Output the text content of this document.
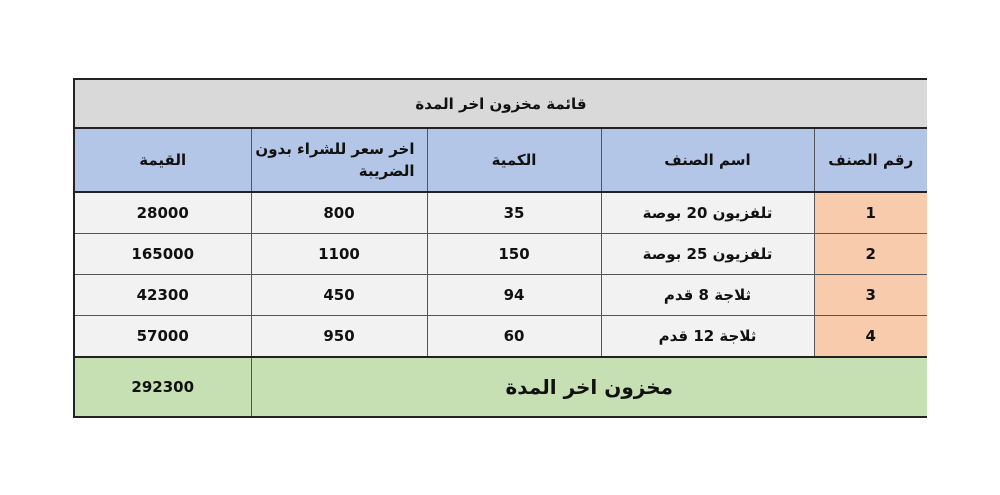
قائمة مخزون اخر المدة				
رقم الصنف	اسم الصنف	الكمية	اخر سعر للشراء بدون الضريبة	القيمة
1	تلفزيون 20 بوصة	35	800	28000
2	تلفزيون 25 بوصة	150	1100	165000
3	ثلاجة 8 قدم	94	450	42300
4	ثلاجة 12 قدم	60	950	57000
مخزون اخر المدة				292300
